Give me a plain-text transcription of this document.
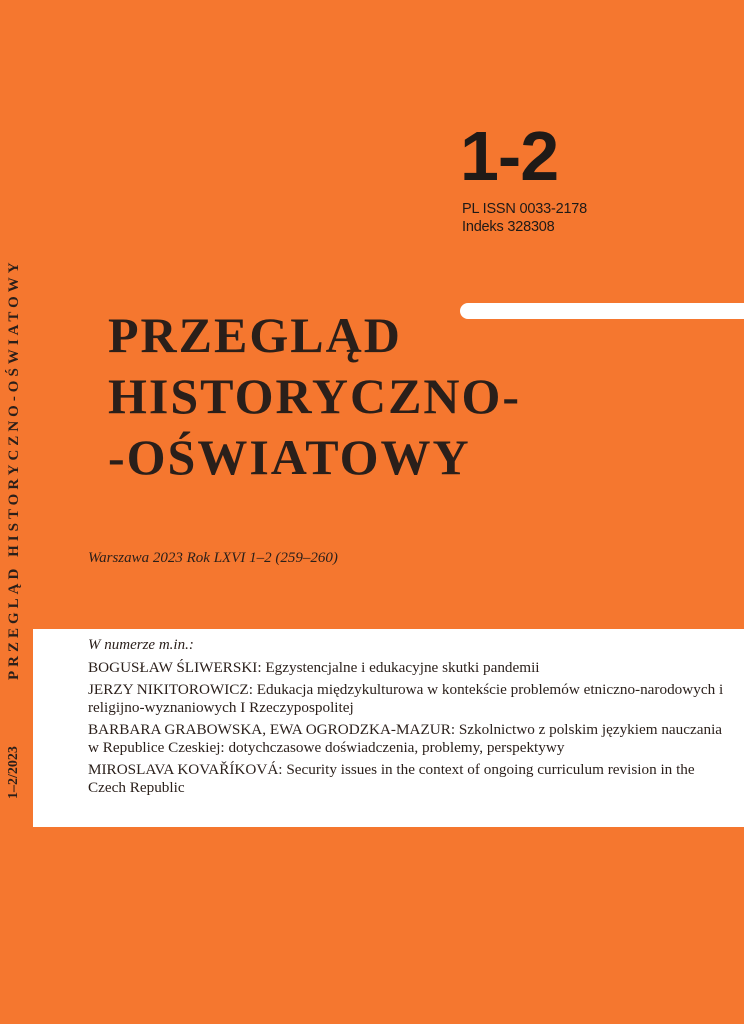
PRZEGLĄD HISTORYCZNO-OŚWIATOWY
1–2/2023
1-2
PL ISSN 0033-2178
Indeks 328308
PRZEGLĄD
HISTORYCZNO-
-OŚWIATOWY
Warszawa 2023 Rok LXVI 1–2 (259–260)
W numerze m.in.:
BOGUSŁAW ŚLIWERSKI: Egzystencjalne i edukacyjne skutki pandemii
JERZY NIKITOROWICZ: Edukacja międzykulturowa w kontekście problemów etniczno-narodowych i religijno-wyznaniowych I Rzeczypospolitej
BARBARA GRABOWSKA, EWA OGRODZKA-MAZUR: Szkolnictwo z polskim językiem nauczania w Republice Czeskiej: dotychczasowe doświadczenia, problemy, perspektywy
MIROSLAVA KOVAŘÍKOVÁ: Security issues in the context of ongoing curriculum revision in the Czech Republic
